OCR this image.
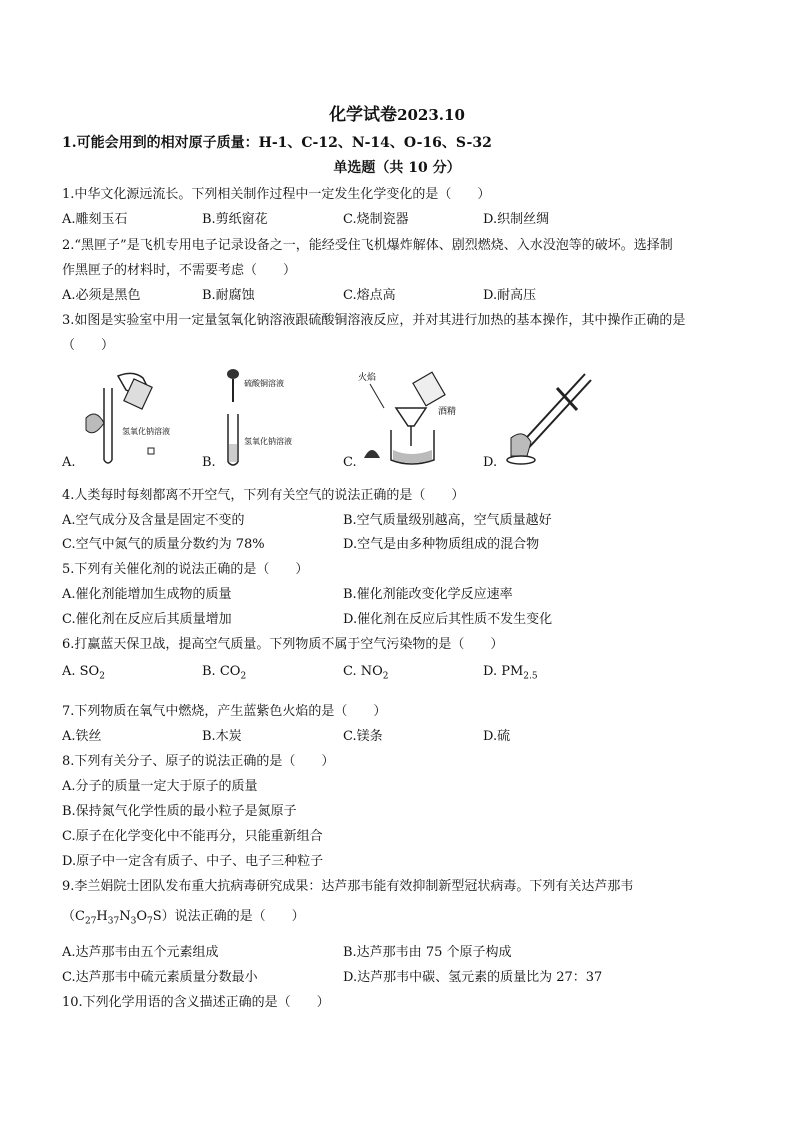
化学试卷2023.10
1.可能会用到的相对原子质量：H-1、C-12、N-14、O-16、S-32
单选题（共 10 分）
1.中华文化源远流长。下列相关制作过程中一定发生化学变化的是（　　）
A.雕刻玉石	B.剪纸窗花	C.烧制瓷器	D.织制丝绸
2.“黑匣子”是飞机专用电子记录设备之一，能经受住飞机爆炸解体、剧烈燃烧、入水没泡等的破坏。选择制
作黑匣子的材料时，不需要考虑（　　）
A.必须是黑色	B.耐腐蚀	C.熔点高	D.耐高压
3.如图是实验室中用一定量氢氧化钠溶液跟硫酸铜溶液反应，并对其进行加热的基本操作，其中操作正确的是
（　　）
氢氧化钠溶液
硫酸铜溶液
氢氧化钠溶液
火焰
酒精
A.	B.	C.	D.
4.人类每时每刻都离不开空气，下列有关空气的说法正确的是（　　）
A.空气成分及含量是固定不变的	B.空气质量级别越高，空气质量越好
C.空气中氮气的质量分数约为 78%	D.空气是由多种物质组成的混合物
5.下列有关催化剂的说法正确的是（　　）
A.催化剂能增加生成物的质量	B.催化剂能改变化学反应速率
C.催化剂在反应后其质量增加	D.催化剂在反应后其性质不发生变化
6.打赢蓝天保卫战，提高空气质量。下列物质不属于空气污染物的是（　　）
A. $SO_2$	B. $CO_2$	C. $NO_2$	D. $PM_{2.5}$
7.下列物质在氧气中燃烧，产生蓝紫色火焰的是（　　）
A.铁丝	B.木炭	C.镁条	D.硫
8.下列有关分子、原子的说法正确的是（　　）
A.分子的质量一定大于原子的质量
B.保持氮气化学性质的最小粒子是氮原子
C.原子在化学变化中不能再分，只能重新组合
D.原子中一定含有质子、中子、电子三种粒子
9.李兰娟院士团队发布重大抗病毒研究成果：达芦那韦能有效抑制新型冠状病毒。下列有关达芦那韦
$(C_{27}H_{37}N_3O_7S)$说法正确的是（　　）
A.达芦那韦由五个元素组成	B.达芦那韦由 75 个原子构成
C.达芦那韦中硫元素质量分数最小	D.达芦那韦中碳、氢元素的质量比为 27：37
10.下列化学用语的含义描述正确的是（　　）
